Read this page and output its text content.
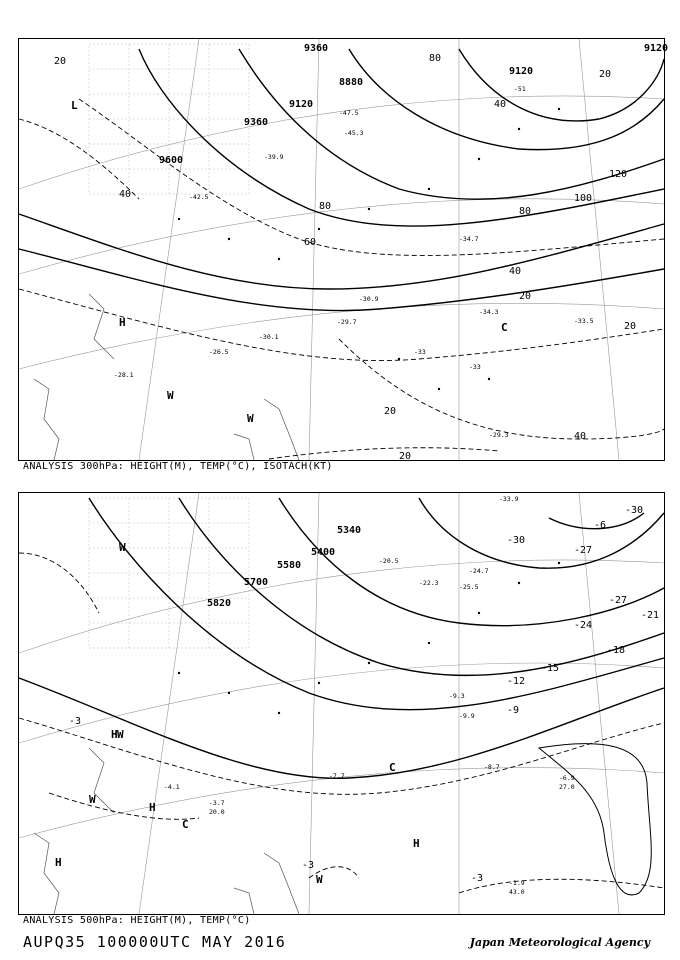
9360
9120
8880
9360
9120
9600
9120
20
40
80
120
100
80
40
20
60
20
20
40
20
80
40
20
-33
-33
-34.3
-33.5
-29.7
-30.1
-26.5
-28.1
-29.3
-30.9
-34.7
-51
-47.5
-45.3
-39.9
-42.5
H	C
W
W
L
ANALYSIS 300hPa: HEIGHT(M), TEMP(°C), ISOTACH(KT)
5700
5580
5340
5400
5820
-30
-27
-27
-24
-21
-18
-15
-12
-9
-3
-3
-3
-30
-6
-8.7
-6.9
27.0
-1.9
43.0
-3.7
20.0
-4.1
-9.3
-9.9
-7.7
-20.5
-22.3	-25.5
-24.7
-33.9
H
H
H
H
W
W
W
C
C
W
ANALYSIS 500hPa: HEIGHT(M), TEMP(°C)
AUPQ35 100000UTC MAY 2016	Japan Meteorological Agency
